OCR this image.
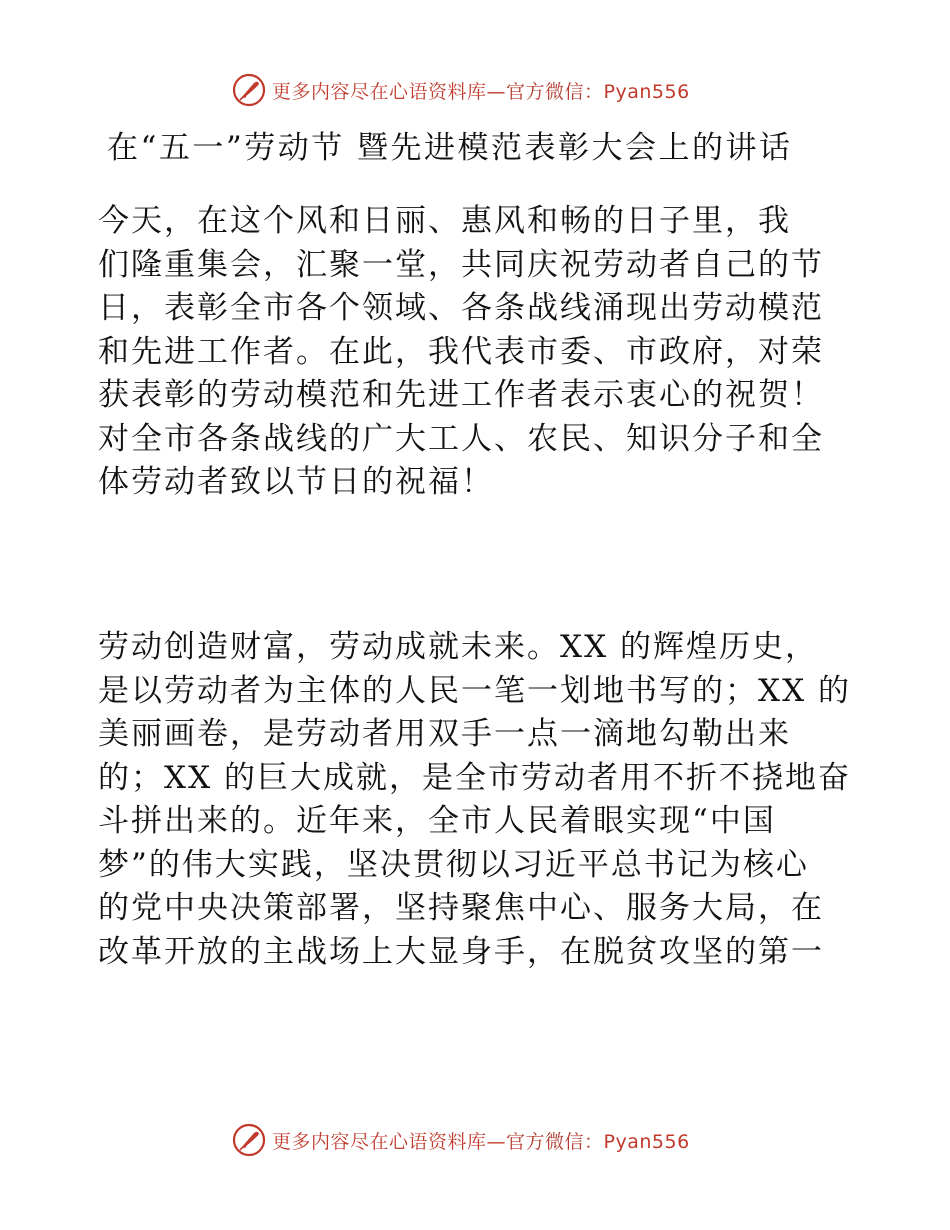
更多内容尽在心语资料库—官方微信：Pyan556
在“五一”劳动节 暨先进模范表彰大会上的讲话
今天，在这个风和日丽、惠风和畅的日子里，我
们隆重集会，汇聚一堂，共同庆祝劳动者自己的节
日，表彰全市各个领域、各条战线涌现出劳动模范
和先进工作者。在此，我代表市委、市政府，对荣
获表彰的劳动模范和先进工作者表示衷心的祝贺！
对全市各条战线的广大工人、农民、知识分子和全
体劳动者致以节日的祝福！
劳动创造财富，劳动成就未来。XX 的辉煌历史，
是以劳动者为主体的人民一笔一划地书写的；XX 的
美丽画卷，是劳动者用双手一点一滴地勾勒出来
的；XX 的巨大成就，是全市劳动者用不折不挠地奋
斗拼出来的。近年来，全市人民着眼实现“中国
梦”的伟大实践，坚决贯彻以习近平总书记为核心
的党中央决策部署，坚持聚焦中心、服务大局，在
改革开放的主战场上大显身手，在脱贫攻坚的第一
更多内容尽在心语资料库—官方微信：Pyan556
